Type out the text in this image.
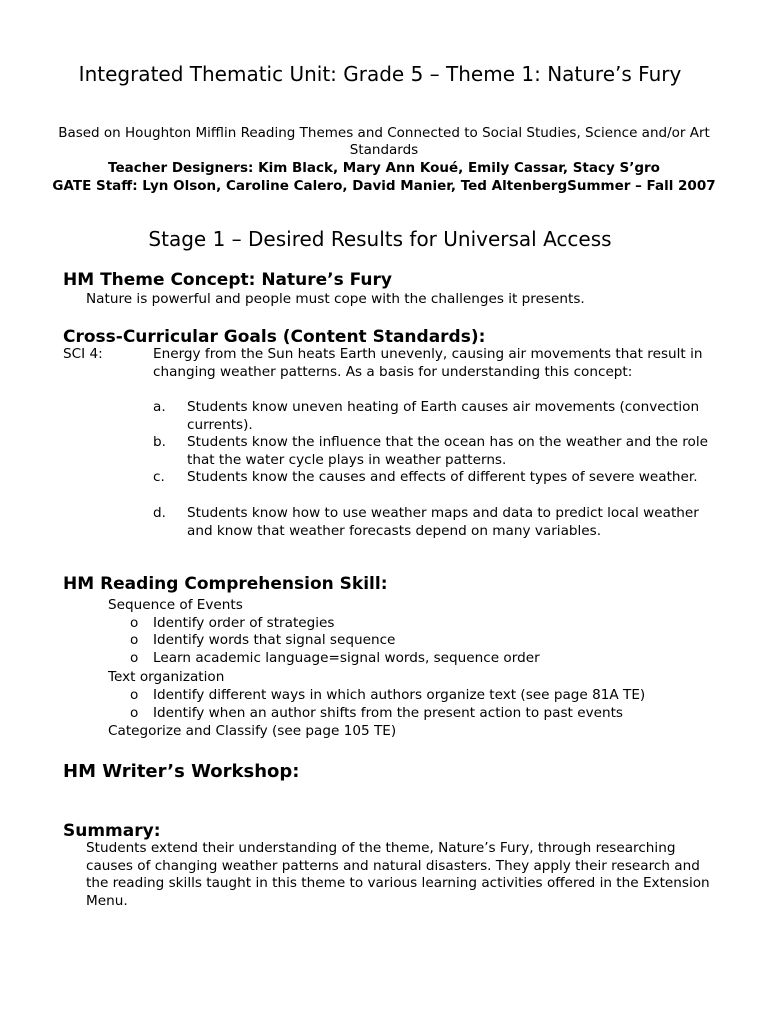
Integrated Thematic Unit: Grade 5 – Theme 1: Nature’s Fury

Based on Houghton Mifflin Reading Themes and Connected to Social Studies, Science and/or Art Standards

Teacher Designers: Kim Black, Mary Ann Koué, Emily Cassar, Stacy S’gro
GATE Staff: Lyn Olson, Caroline Calero, David Manier, Ted AltenbergSummer – Fall 2007
Stage 1 – Desired Results for Universal Access
HM Theme Concept: Nature’s Fury

Nature is powerful and people must cope with the challenges it presents.

Cross-Curricular Goals (Content Standards):
SCI 4:	Energy from the Sun heats Earth unevenly, causing air movements that result in changing weather patterns. As a basis for understanding this concept:

a. Students know uneven heating of Earth causes air movements (convection currents).
b. Students know the influence that the ocean has on the weather and the role that the water cycle plays in weather patterns.
c. Students know the causes and effects of different types of severe weather.
d. Students know how to use weather maps and data to predict local weather and know that weather forecasts depend on many variables.
HM Reading Comprehension Skill:

Sequence of Events

o Identify order of strategies
o Identify words that signal sequence
o Learn academic language=signal words, sequence order

Text organization

o Identify different ways in which authors organize text (see page 81A TE)
o Identify when an author shifts from the present action to past events

Categorize and Classify (see page 105 TE)

HM Writer’s Workshop:
Summary:

Students extend their understanding of the theme, Nature’s Fury, through researching causes of changing weather patterns and natural disasters. They apply their research and the reading skills taught in this theme to various learning activities offered in the Extension Menu.
